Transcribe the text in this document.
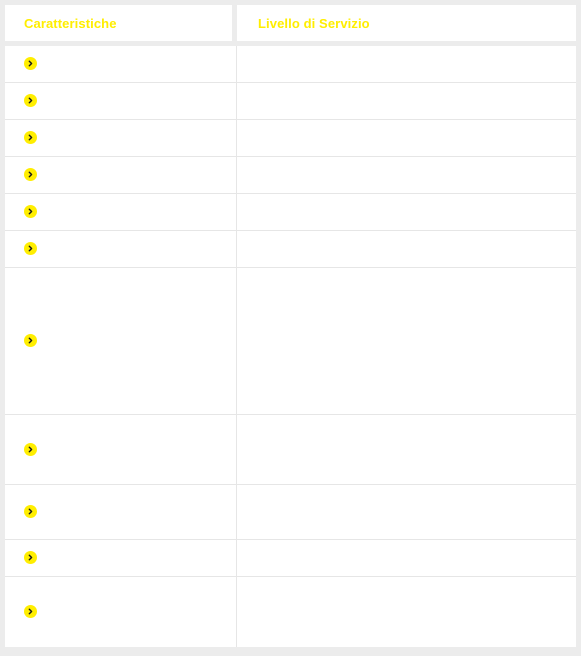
Caratteristiche	Livello di Servizio
